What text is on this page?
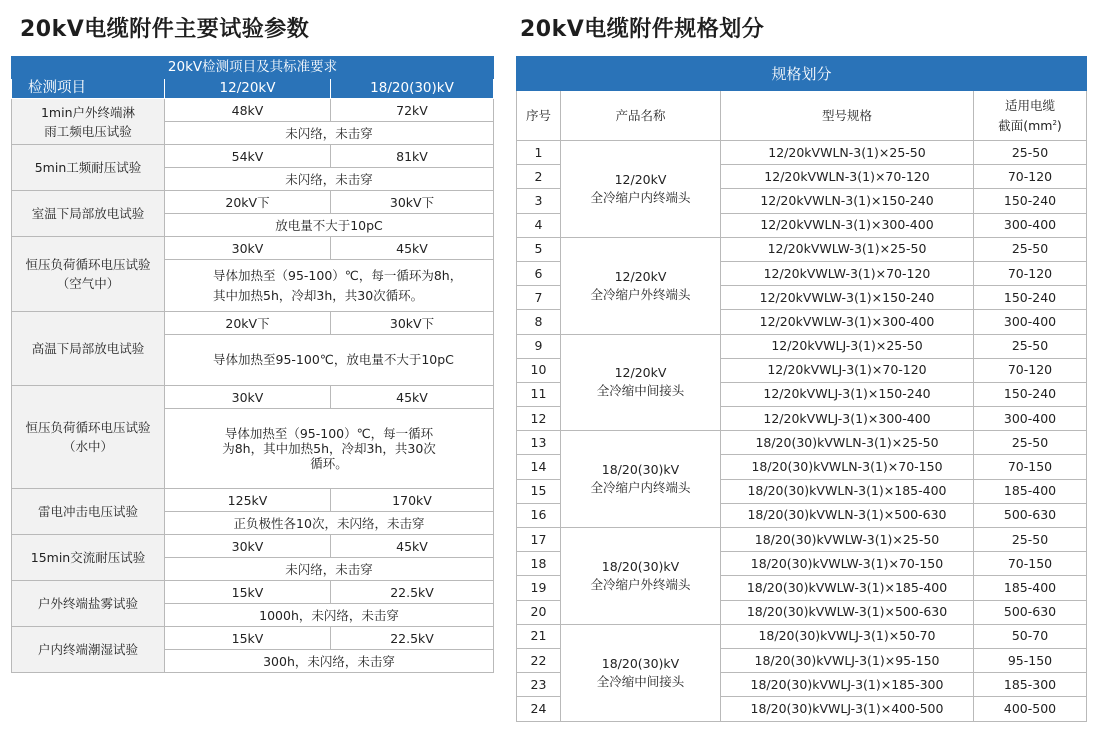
20kV电缆附件主要试验参数	20kV电缆附件规格划分
20kV检测项目及其标准要求		
检测项目	12/20kV	18/20(30)kV
1min户外终端淋
雨工频电压试验	48kV	72kV
	未闪络，未击穿	
5min工频耐压试验	54kV	81kV
	未闪络，未击穿	
室温下局部放电试验	20kV下	30kV下
	放电量不大于10pC	
恒压负荷循环电压试验
（空气中）	30kV	45kV
	导体加热至（95-100）℃，每一循环为8h，
其中加热5h，冷却3h，共30次循环。	
高温下局部放电试验	20kV下	30kV下
	导体加热至95-100℃，放电量不大于10pC	
恒压负荷循环电压试验
（水中）	30kV	45kV
	导体加热至（95-100）℃，每一循环
为8h，其中加热5h，冷却3h，共30次
循环。	
雷电冲击电压试验	125kV	170kV
	正负极性各10次，未闪络，未击穿	
15min交流耐压试验	30kV	45kV
	未闪络，未击穿	
户外终端盐雾试验	15kV	22.5kV
	1000h，未闪络，未击穿	
户内终端潮湿试验	15kV	22.5kV
	300h，未闪络，未击穿	
规格划分			
序号	产品名称	型号规格	适用电缆
截面$(mm^2)$
1	12/20kV
全冷缩户内终端头	12/20kVWLN-3(1)×25-50	25-50
2		12/20kVWLN-3(1)×70-120	70-120
3		12/20kVWLN-3(1)×150-240	150-240
4		12/20kVWLN-3(1)×300-400	300-400
5	12/20kV
全冷缩户外终端头	12/20kVWLW-3(1)×25-50	25-50
6		12/20kVWLW-3(1)×70-120	70-120
7		12/20kVWLW-3(1)×150-240	150-240
8		12/20kVWLW-3(1)×300-400	300-400
9	12/20kV
全冷缩中间接头	12/20kVWLJ-3(1)×25-50	25-50
10		12/20kVWLJ-3(1)×70-120	70-120
11		12/20kVWLJ-3(1)×150-240	150-240
12		12/20kVWLJ-3(1)×300-400	300-400
13	18/20(30)kV
全冷缩户内终端头	18/20(30)kVWLN-3(1)×25-50	25-50
14		18/20(30)kVWLN-3(1)×70-150	70-150
15		18/20(30)kVWLN-3(1)×185-400	185-400
16		18/20(30)kVWLN-3(1)×500-630	500-630
17	18/20(30)kV
全冷缩户外终端头	18/20(30)kVWLW-3(1)×25-50	25-50
18		18/20(30)kVWLW-3(1)×70-150	70-150
19		18/20(30)kVWLW-3(1)×185-400	185-400
20		18/20(30)kVWLW-3(1)×500-630	500-630
21	18/20(30)kV
全冷缩中间接头	18/20(30)kVWLJ-3(1)×50-70	50-70
22		18/20(30)kVWLJ-3(1)×95-150	95-150
23		18/20(30)kVWLJ-3(1)×185-300	185-300
24		18/20(30)kVWLJ-3(1)×400-500	400-500
